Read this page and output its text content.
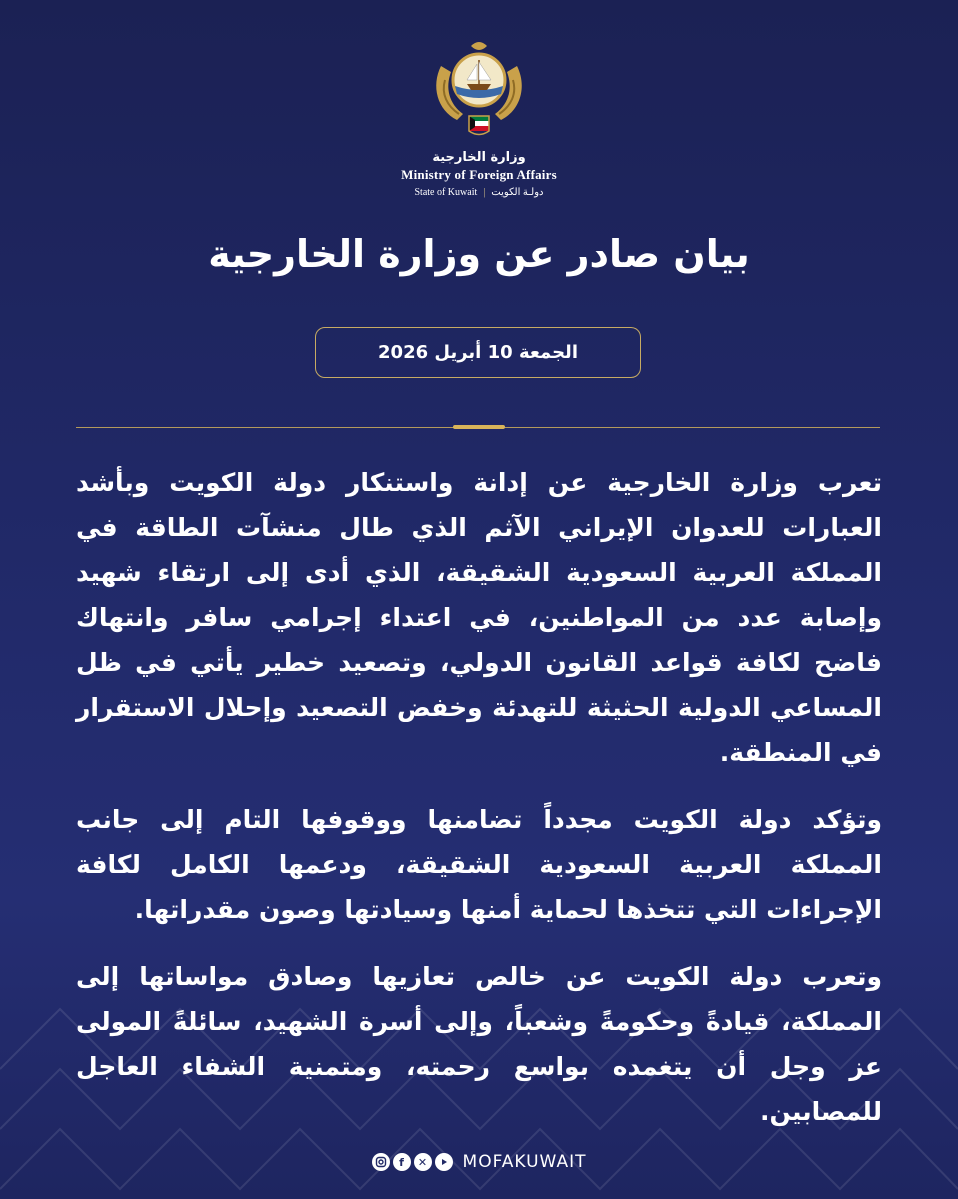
وزارة الخارجية
Ministry of Foreign Affairs
State of Kuwait | دولـة الكويت
بيان صادر عن وزارة الخارجية
الجمعة 10 أبريل 2026

تعرب وزارة الخارجية عن إدانة واستنكار دولة الكويت وبأشد العبارات للعدوان الإيراني الآثم الذي طال منشآت الطاقة في المملكة العربية السعودية الشقيقة، الذي أدى إلى ارتقاء شهيد وإصابة عدد من المواطنين، في اعتداء إجرامي سافر وانتهاك فاضح لكافة قواعد القانون الدولي، وتصعيد خطير يأتي في ظل المساعي الدولية الحثيثة للتهدئة وخفض التصعيد وإحلال الاستقرار في المنطقة.

وتؤكد دولة الكويت مجدداً تضامنها ووقوفها التام إلى جانب المملكة العربية السعودية الشقيقة، ودعمها الكامل لكافة الإجراءات التي تتخذها لحماية أمنها وسيادتها وصون مقدراتها.

وتعرب دولة الكويت عن خالص تعازيها وصادق مواساتها إلى المملكة، قيادةً وحكومةً وشعباً، وإلى أسرة الشهيد، سائلةً المولى عز وجل أن يتغمده بواسع رحمته، ومتمنية الشفاء العاجل للمصابين.

f	✕ MOFAKUWAIT
